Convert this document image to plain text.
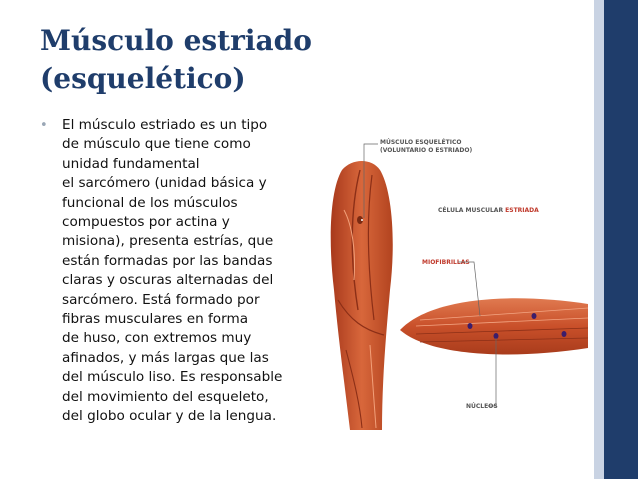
Músculo estriado
(esquelético)
• El músculo estriado es un tipo
de músculo que tiene como
unidad fundamental
el sarcómero (unidad básica y
funcional de los músculos
compuestos por actina y
misiona), presenta estrías, que
están formadas por las bandas
claras y oscuras alternadas del
sarcómero. Está formado por
fibras musculares en forma
de huso, con extremos muy
afinados, y más largas que las
del músculo liso. Es responsable
del movimiento del esqueleto,
del globo ocular y de la lengua.

MÚSCULO ESQUELÉTICO
(VOLUNTARIO O ESTRIADO)
CÉLULA MUSCULAR ESTRIADA
MIOFIBRILLAS
NÚCLEOS
